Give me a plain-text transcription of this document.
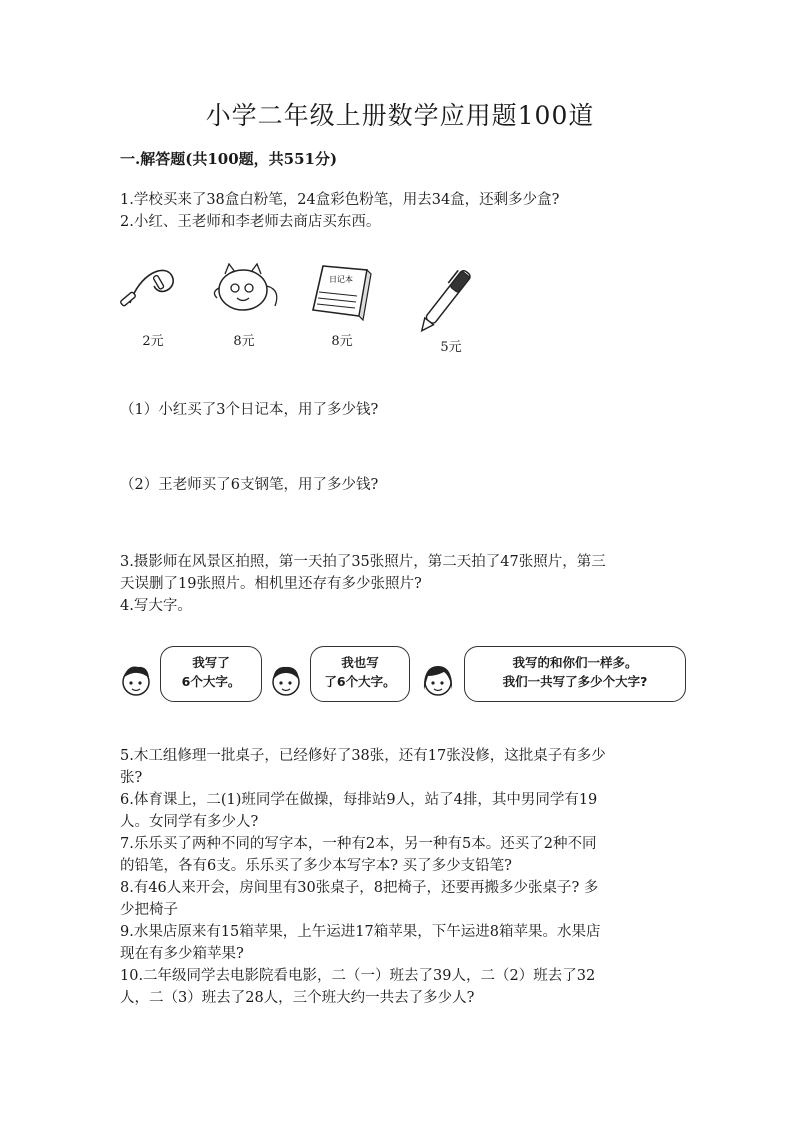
小学二年级上册数学应用题100道
一.解答题(共100题，共551分)
1.学校买来了38盒白粉笔，24盒彩色粉笔，用去34盒，还剩多少盒?
2.小红、王老师和李老师去商店买东西。
2元	8元
日记本
8元	5元
（1）小红买了3个日记本，用了多少钱?
（2）王老师买了6支钢笔，用了多少钱?
3.摄影师在风景区拍照，第一天拍了35张照片，第二天拍了47张照片，第三
天误删了19张照片。相机里还存有多少张照片?
4.写大字。
我写了
6个大字。
我也写
了6个大字。
我写的和你们一样多。
我们一共写了多少个大字?
5.木工组修理一批桌子，已经修好了38张，还有17张没修，这批桌子有多少
张?
6.体育课上，二(1)班同学在做操，每排站9人，站了4排，其中男同学有19
人。女同学有多少人?
7.乐乐买了两种不同的写字本，一种有2本，另一种有5本。还买了2种不同
的铅笔，各有6支。乐乐买了多少本写字本? 买了多少支铅笔?
8.有46人来开会，房间里有30张桌子，8把椅子，还要再搬多少张桌子? 多
少把椅子
9.水果店原来有15箱苹果，上午运进17箱苹果，下午运进8箱苹果。水果店
现在有多少箱苹果?
10.二年级同学去电影院看电影，二（一）班去了39人，二（2）班去了32
人，二（3）班去了28人，三个班大约一共去了多少人?
